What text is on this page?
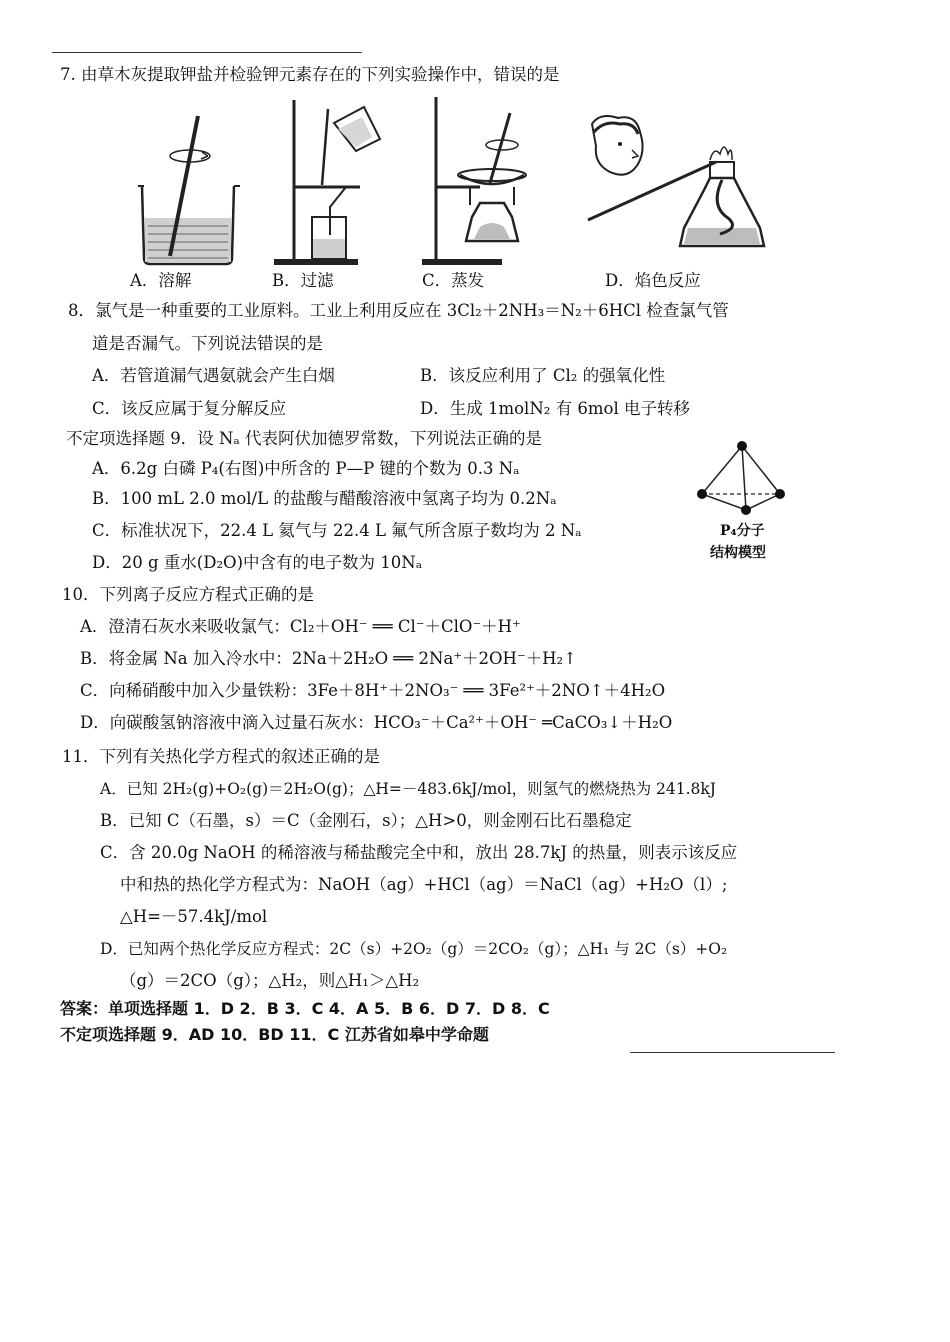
7. 由草木灰提取钾盐并检验钾元素存在的下列实验操作中，错误的是
A．溶解	B．过滤	C．蒸发	D．焰色反应
8．氯气是一种重要的工业原料。工业上利用反应在 3Cl₂＋2NH₃＝N₂＋6HCl 检查氯气管
道是否漏气。下列说法错误的是
A．若管道漏气遇氨就会产生白烟	B．该反应利用了 Cl₂ 的强氧化性
C．该反应属于复分解反应	D．生成 1molN₂ 有 6mol 电子转移
不定项选择题 9．设 Nₐ 代表阿伏加德罗常数，下列说法正确的是
A．6.2g 白磷 P₄(右图)中所含的 P—P 键的个数为 0.3 Nₐ
B．100 mL 2.0 mol/L 的盐酸与醋酸溶液中氢离子均为 0.2Nₐ
C．标准状况下，22.4 L 氦气与 22.4 L 氟气所含原子数均为 2 Nₐ
D．20 g 重水(D₂O)中含有的电子数为 10Nₐ
P₄分子
结构模型
10．下列离子反应方程式正确的是
A．澄清石灰水来吸收氯气：Cl₂＋OH⁻ ══ Cl⁻＋ClO⁻＋H⁺
B．将金属 Na 加入冷水中：2Na＋2H₂O ══ 2Na⁺＋2OH⁻＋H₂↑
C．向稀硝酸中加入少量铁粉：3Fe＋8H⁺＋2NO₃⁻ ══ 3Fe²⁺＋2NO↑＋4H₂O
D．向碳酸氢钠溶液中滴入过量石灰水：HCO₃⁻＋Ca²⁺＋OH⁻ ═CaCO₃↓＋H₂O
11．下列有关热化学方程式的叙述正确的是
A．已知 2H₂(g)+O₂(g)＝2H₂O(g)；△H=－483.6kJ/mol，则氢气的燃烧热为 241.8kJ
B．已知 C（石墨，s）＝C（金刚石，s）；△H>0，则金刚石比石墨稳定
C．含 20.0g NaOH 的稀溶液与稀盐酸完全中和，放出 28.7kJ 的热量，则表示该反应
中和热的热化学方程式为：NaOH（ag）+HCl（ag）＝NaCl（ag）+H₂O（l）;
△H=－57.4kJ/mol
D．已知两个热化学反应方程式：2C（s）+2O₂（g）＝2CO₂（g）；△H₁ 与 2C（s）+O₂
（g）＝2CO（g）；△H₂，则△H₁＞△H₂
答案：单项选择题 1．D 2．B 3．C 4．A 5．B 6．D 7．D 8．C
不定项选择题 9．AD 10．BD 11．C 江苏省如皋中学命题
